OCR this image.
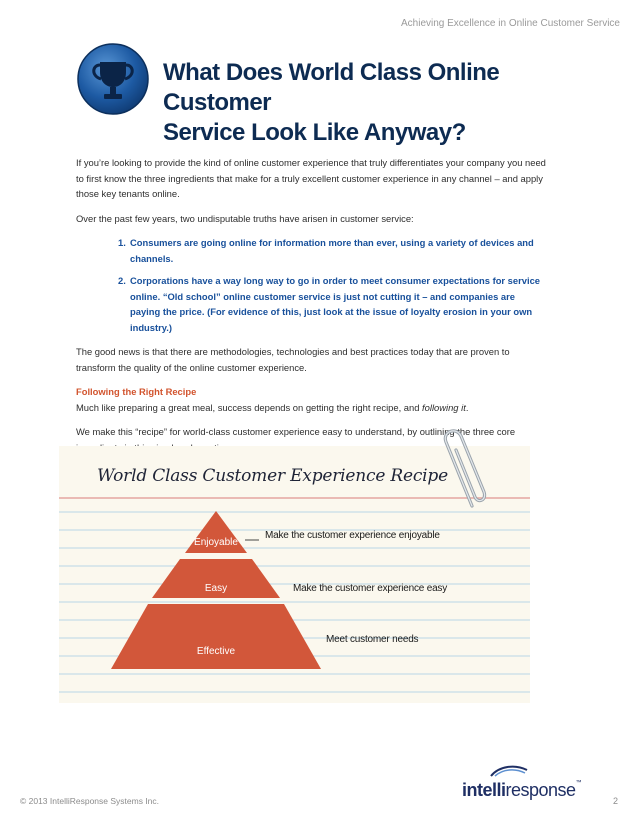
Achieving Excellence in Online Customer Service
What Does World Class Online Customer
Service Look Like Anyway?

If you’re looking to provide the kind of online customer experience that truly differentiates your company you need to first know the three ingredients that make for a truly excellent customer experience in any channel – and apply those key tenants online.

Over the past few years, two undisputable truths have arisen in customer service:

1. Consumers are going online for information more than ever, using a variety of devices and channels.
2. Corporations have a way long way to go in order to meet consumer expectations for service online. “Old school” online customer service is just not cutting it – and companies are paying the price. (For evidence of this, just look at the issue of loyalty erosion in your own industry.)

The good news is that there are methodologies, technologies and best practices today that are proven to transform the quality of the online customer experience.

Following the Right Recipe
Much like preparing a great meal, success depends on getting the right recipe, and following it.

We make this “recipe” for world-class customer experience easy to understand, by outlining the three core

World Class Customer Experience Recipe
Enjoyable
Easy
Effective
Make the customer experience enjoyable
Make the customer experience easy
Meet customer needs
intelliresponse™
© 2013 IntelliResponse Systems Inc.	2
